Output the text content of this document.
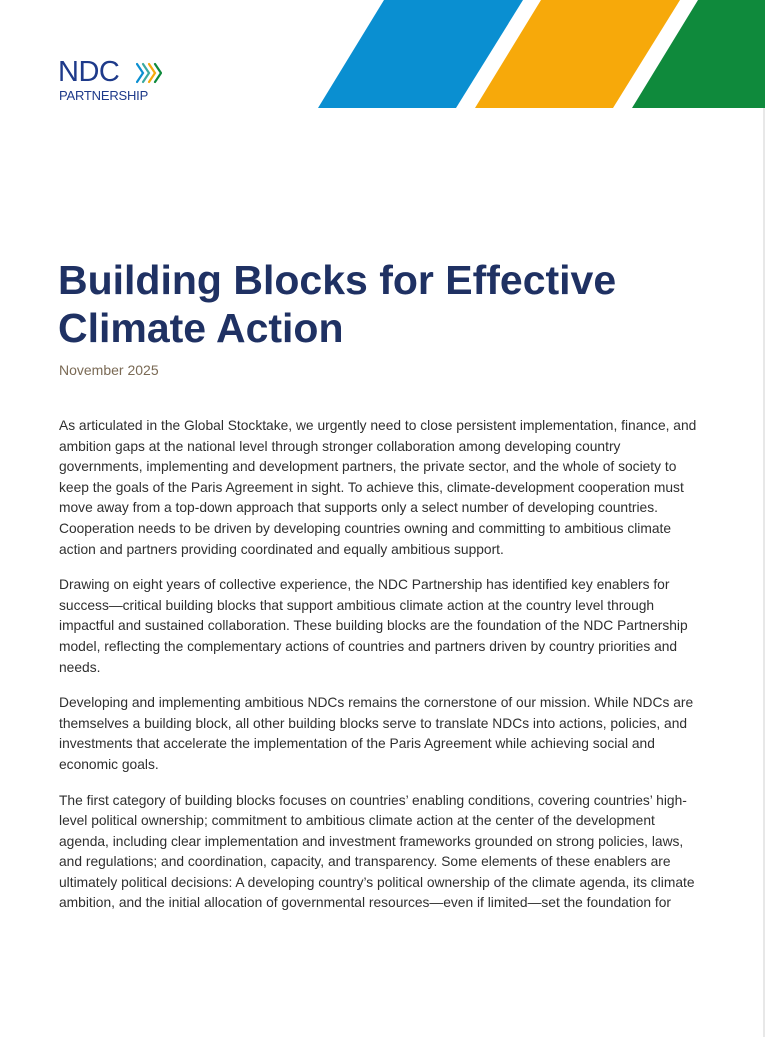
NDC
PARTNERSHIP
Building Blocks for Effective Climate Action
November 2025

As articulated in the Global Stocktake, we urgently need to close persistent implementation, finance, and ambition gaps at the national level through stronger collaboration among developing country governments, implementing and development partners, the private sector, and the whole of society to keep the goals of the Paris Agreement in sight. To achieve this, climate-development cooperation must move away from a top-down approach that supports only a select number of developing countries. Cooperation needs to be driven by developing countries owning and committing to ambitious climate action and partners providing coordinated and equally ambitious support.

Drawing on eight years of collective experience, the NDC Partnership has identified key enablers for success—critical building blocks that support ambitious climate action at the country level through impactful and sustained collaboration. These building blocks are the foundation of the NDC Partnership model, reflecting the complementary actions of countries and partners driven by country priorities and needs.

Developing and implementing ambitious NDCs remains the cornerstone of our mission. While NDCs are themselves a building block, all other building blocks serve to translate NDCs into actions, policies, and investments that accelerate the implementation of the Paris Agreement while achieving social and economic goals.

The first category of building blocks focuses on countries’ enabling conditions, covering countries’ high-level political ownership; commitment to ambitious climate action at the center of the development agenda, including clear implementation and investment frameworks grounded on strong policies, laws, and regulations; and coordination, capacity, and transparency. Some elements of these enablers are ultimately political decisions: A developing country’s political ownership of the climate agenda, its climate ambition, and the initial allocation of governmental resources—even if limited—set the foundation for
